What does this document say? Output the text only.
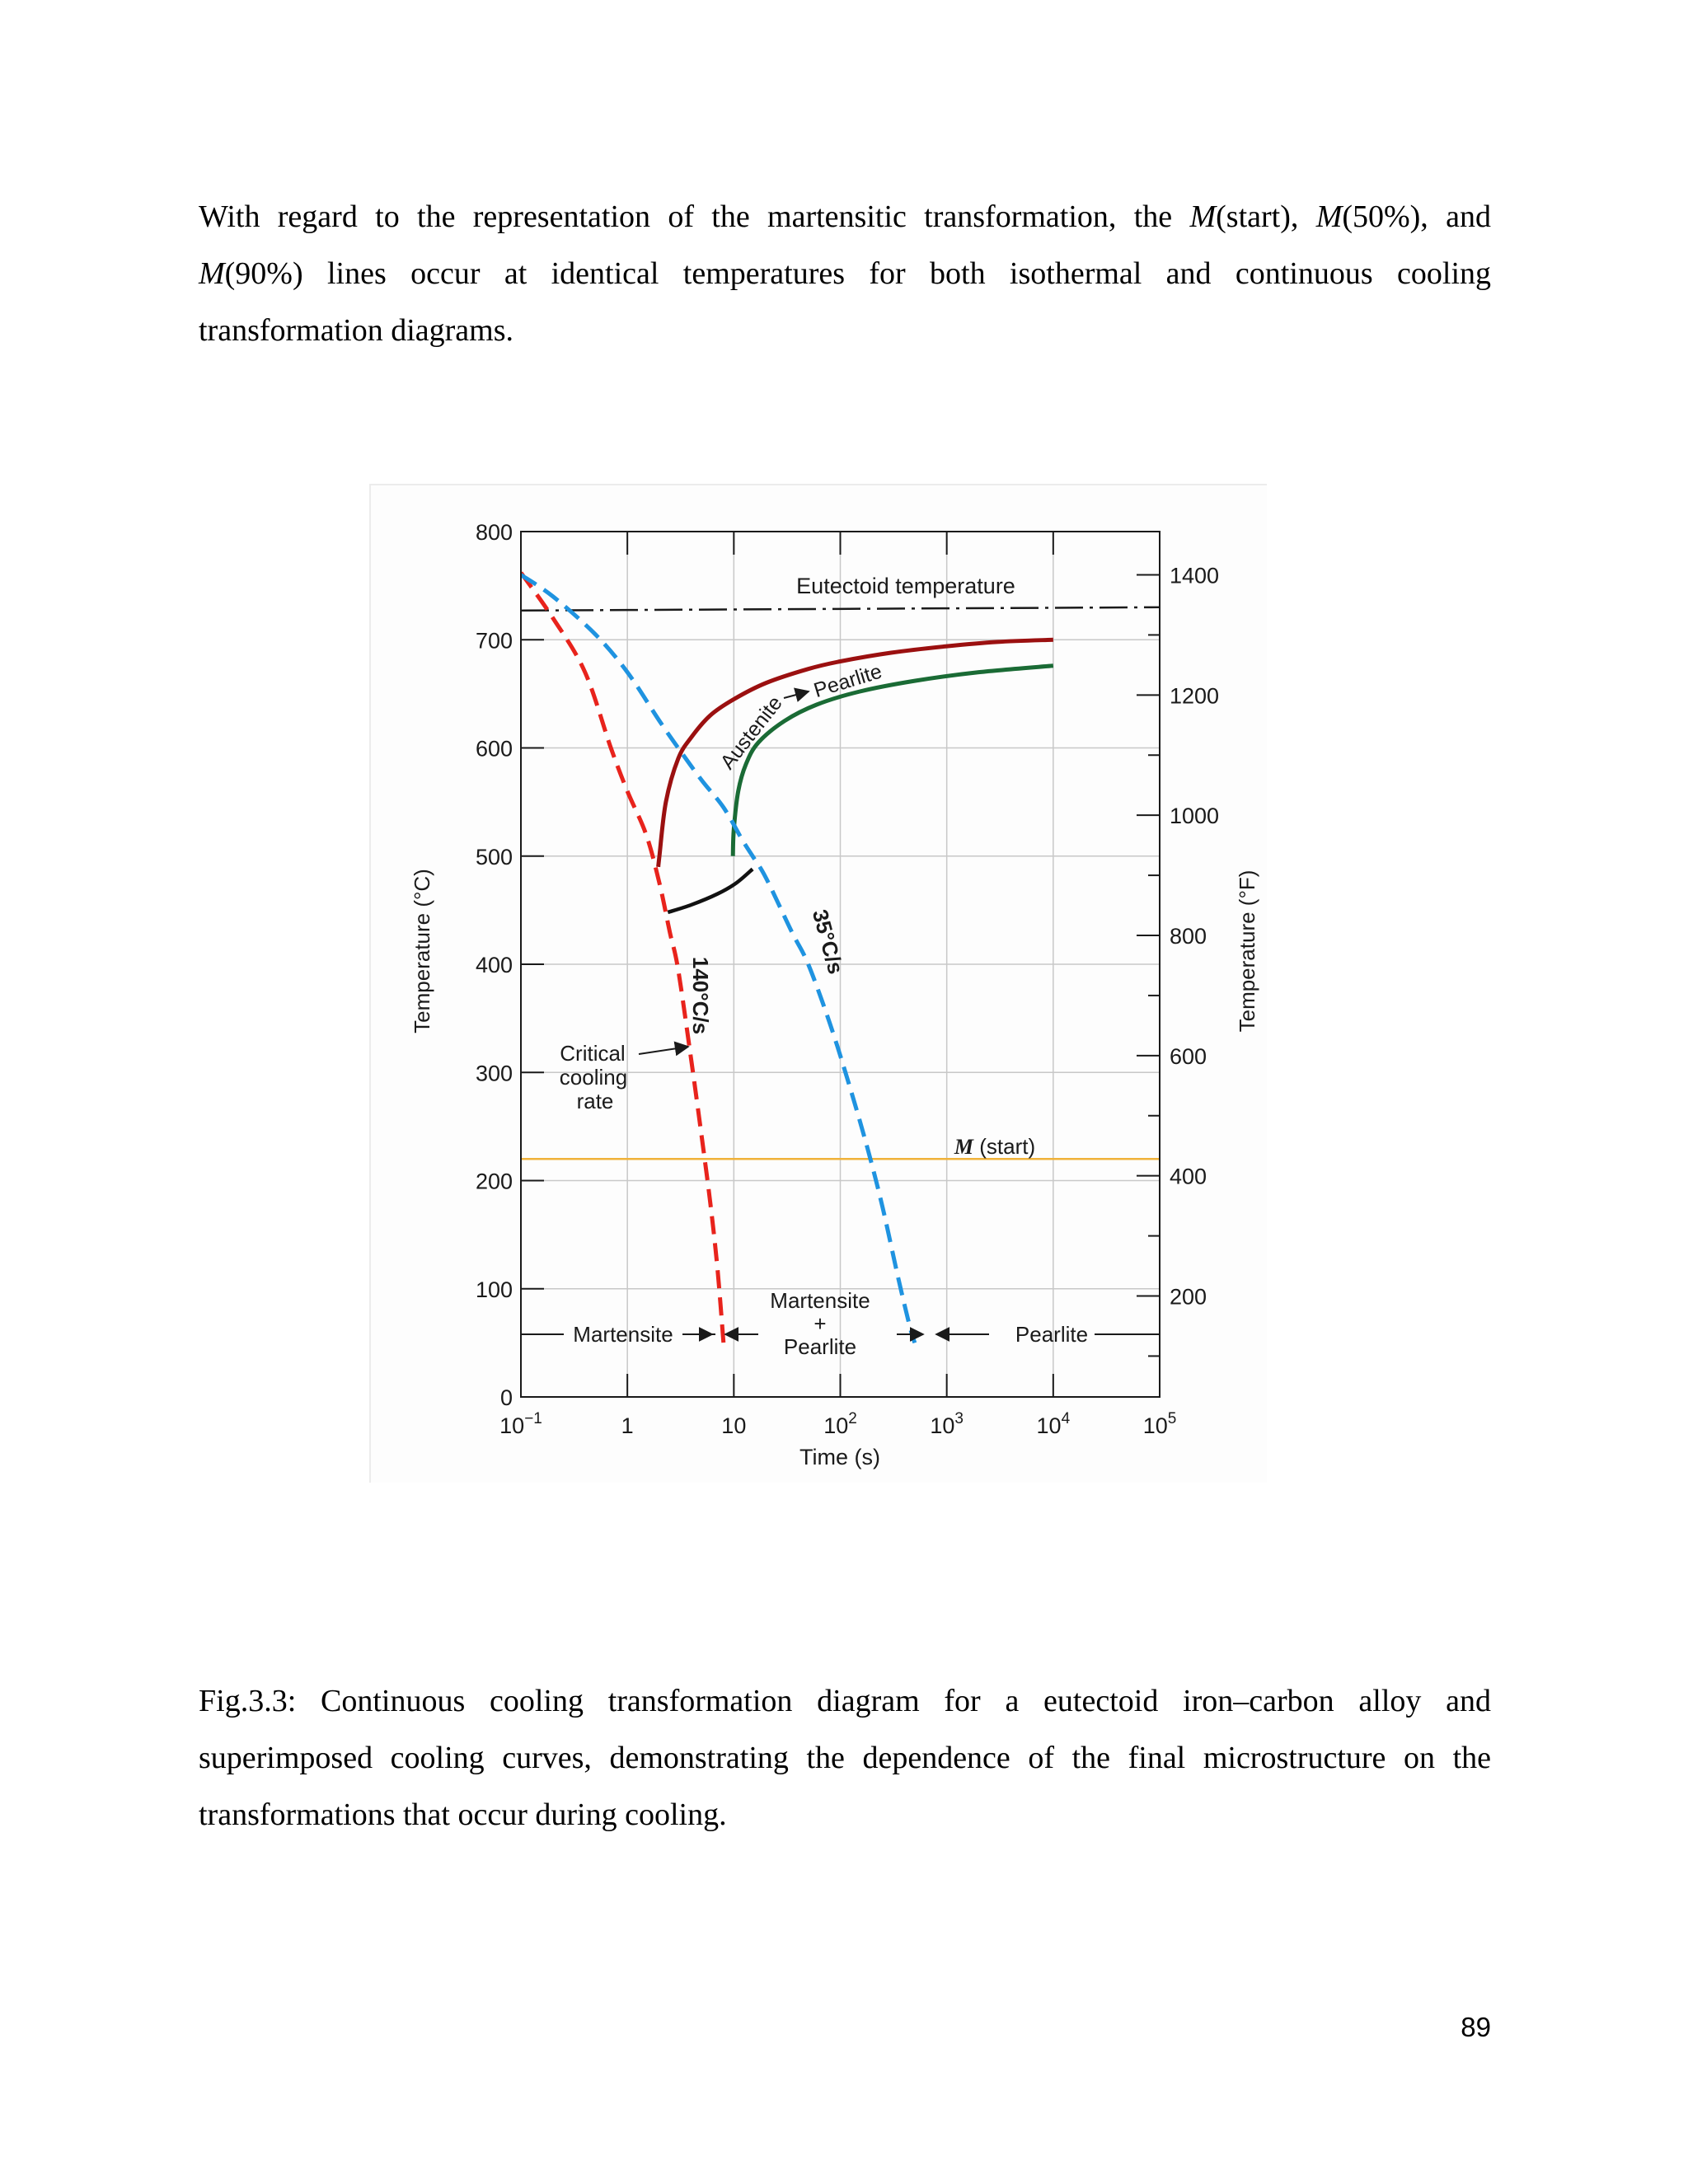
With regard to the representation of the martensitic transformation, the M(start), M(50%), and
M(90%) lines occur at identical temperatures for both isothermal and continuous cooling
transformation diagrams.
0
100
200
300
400
500
600
700
800
200
400
600
800
1000
1200
1400
$10^{-1}$	1	10	$10^2$	$10^3$	$10^4$	$10^5$
Time (s)
Temperature (°C)	Temperature (°F)
Eutectoid temperature
Austenite
Pearlite
140°C/s
35°C/s
Critical
cooling
rate
M (start)
Martensite
Martensite
+
Pearlite	Pearlite
Fig.3.3: Continuous cooling transformation diagram for a eutectoid iron–carbon alloy and
superimposed cooling curves, demonstrating the dependence of the final microstructure on the
transformations that occur during cooling.
89
